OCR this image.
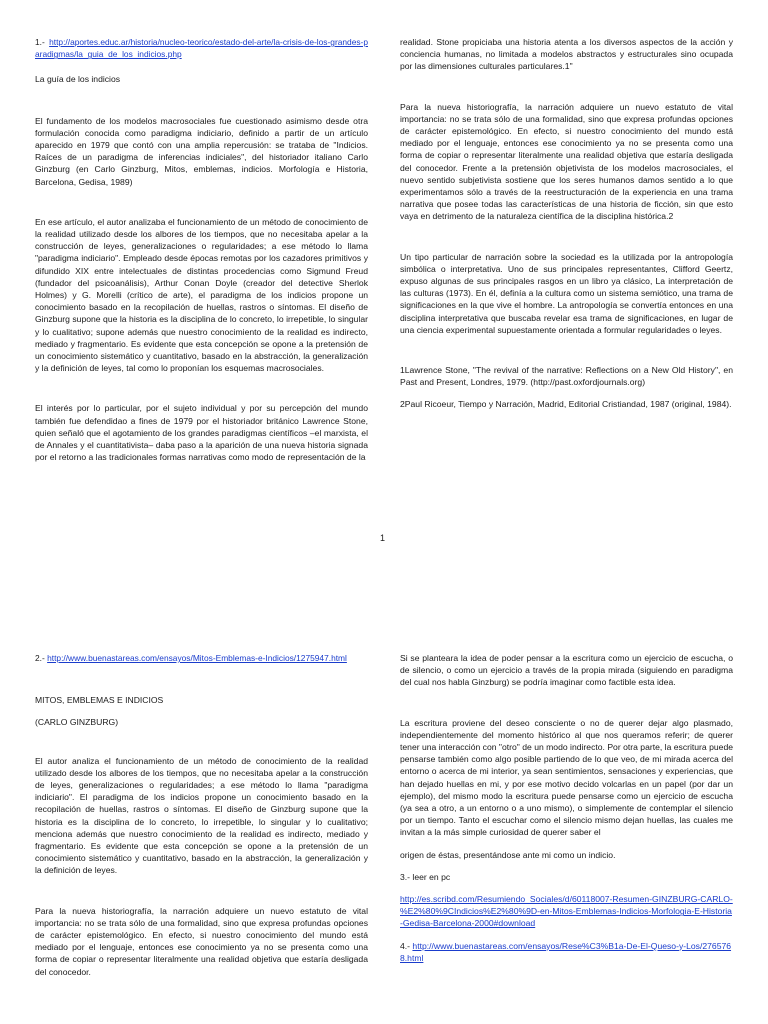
1.- http://aportes.educ.ar/historia/nucleo-teorico/estado-del-arte/la-crisis-de-los-grandes-paradigmas/la_guia_de_los_indicios.php

La guía de los indicios

El fundamento de los modelos macrosociales fue cuestionado asimismo desde otra formulación conocida como paradigma indiciario, definido a partir de un artículo aparecido en 1979 que contó con una amplia repercusión: se trataba de "Indicios. Raíces de un paradigma de inferencias indiciales", del historiador italiano Carlo Ginzburg (en Carlo Ginzburg, Mitos, emblemas, indicios. Morfología e Historia, Barcelona, Gedisa, 1989)

En ese artículo, el autor analizaba el funcionamiento de un método de conocimiento de la realidad utilizado desde los albores de los tiempos, que no necesitaba apelar a la construcción de leyes, generalizaciones o regularidades; a ese método lo llama "paradigma indiciario". Empleado desde épocas remotas por los cazadores primitivos y difundido XIX entre intelectuales de distintas procedencias como Sigmund Freud (fundador del psicoanálisis), Arthur Conan Doyle (creador del detective Sherlok Holmes) y G. Morelli (crítico de arte), el paradigma de los indicios propone un conocimiento basado en la recopilación de huellas, rastros o síntomas. El diseño de Ginzburg supone que la historia es la disciplina de lo concreto, lo irrepetible, lo singular y lo cualitativo; supone además que nuestro conocimiento de la realidad es indirecto, mediado y fragmentario. Es evidente que esta concepción se opone a la pretensión de un conocimiento sistemático y cuantitativo, basado en la abstracción, la generalización y la definición de leyes, tal como lo proponían los esquemas macrosociales.

El interés por lo particular, por el sujeto individual y por su percepción del mundo también fue defendidao a fines de 1979 por el historiador británico Lawrence Stone, quien señaló que el agotamiento de los grandes paradigmas científicos –el marxista, el de Annales y el cuantitativista– daba paso a la aparición de una nueva historia signada por el retorno a las tradicionales formas narrativas como modo de representación de la

realidad. Stone propiciaba una historia atenta a los diversos aspectos de la acción y conciencia humanas, no limitada a modelos abstractos y estructurales sino ocupada por las dimensiones culturales particulares.1"

Para la nueva historiografía, la narración adquiere un nuevo estatuto de vital importancia: no se trata sólo de una formalidad, sino que expresa profundas opciones de carácter epistemológico. En efecto, si nuestro conocimiento del mundo está mediado por el lenguaje, entonces ese conocimiento ya no se presenta como una forma de copiar o representar literalmente una realidad objetiva que estaría desligada del conocedor. Frente a la pretensión objetivista de los modelos macrosociales, el nuevo sentido subjetivista sostiene que los seres humanos damos sentido a lo que experimentamos sólo a través de la reestructuración de la experiencia en una trama narrativa que posee todas las características de una historia de ficción, sin que esto vaya en detrimento de la naturaleza científica de la disciplina histórica.2

Un tipo particular de narración sobre la sociedad es la utilizada por la antropología simbólica o interpretativa. Uno de sus principales representantes, Clifford Geertz, expuso algunas de sus principales rasgos en un libro ya clásico, La interpretación de las culturas (1973). En él, definía a la cultura como un sistema semiótico, una trama de significaciones en la que vive el hombre. La antropología se convertía entonces en una disciplina interpretativa que buscaba revelar esa trama de significaciones, en lugar de una ciencia experimental supuestamente orientada a formular regularidades o leyes.

1Lawrence Stone, "The revival of the narrative: Reflections on a New Old History", en Past and Present, Londres, 1979. (http://past.oxfordjournals.org)

2Paul Ricoeur, Tiempo y Narración, Madrid, Editorial Cristiandad, 1987 (original, 1984).

1

2.- http://www.buenastareas.com/ensayos/Mitos-Emblemas-e-Indicios/1275947.html

MITOS, EMBLEMAS E INDICIOS

(CARLO GINZBURG)

El autor analiza el funcionamiento de un método de conocimiento de la realidad utilizado desde los albores de los tiempos, que no necesitaba apelar a la construcción de leyes, generalizaciones o regularidades; a ese método lo llama "paradigma indiciario". El paradigma de los indicios propone un conocimiento basado en la recopilación de huellas, rastros o síntomas. El diseño de Ginzburg supone que la historia es la disciplina de lo concreto, lo irrepetible, lo singular y lo cualitativo; menciona además que nuestro conocimiento de la realidad es indirecto, mediado y fragmentario. Es evidente que esta concepción se opone a la pretensión de un conocimiento sistemático y cuantitativo, basado en la abstracción, la generalización y la definición de leyes.

Para la nueva historiografía, la narración adquiere un nuevo estatuto de vital importancia: no se trata sólo de una formalidad, sino que expresa profundas opciones de carácter epistemológico. En efecto, si nuestro conocimiento del mundo está mediado por el lenguaje, entonces ese conocimiento ya no se presenta como una forma de copiar o representar literalmente una realidad objetiva que estaría desligada del conocedor.

Si se planteara la idea de poder pensar a la escritura como un ejercicio de escucha, o de silencio, o como un ejercicio a través de la propia mirada (siguiendo en paradigma del cual nos habla Ginzburg) se podría imaginar como factible esta idea.

La escritura proviene del deseo consciente o no de querer dejar algo plasmado, independientemente del momento histórico al que nos queramos referir; de querer tener una interacción con "otro" de un modo indirecto. Por otra parte, la escritura puede pensarse también como algo posible partiendo de lo que veo, de mi mirada acerca del entorno o acerca de mi interior, ya sean sentimientos, sensaciones y experiencias, que han dejado huellas en mi, y por ese motivo decido volcarlas en un papel (por dar un ejemplo), del mismo modo la escritura puede pensarse como un ejercicio de escucha (ya sea a otro, a un entorno o a uno mismo), o simplemente de contemplar el silencio por un tiempo. Tanto el escuchar como el silencio mismo dejan huellas, las cuales me invitan a la más simple curiosidad de querer saber el

origen de éstas, presentándose ante mi como un indicio.

3.- leer en pc

http://es.scribd.com/Resumiendo_Sociales/d/60118007-Resumen-GINZBURG-CARLO-%E2%80%9CIndicios%E2%80%9D-en-Mitos-Emblemas-Indicios-Morfologia-E-Historia-Gedisa-Barcelona-2000#download

4.- http://www.buenastareas.com/ensayos/Rese%C3%B1a-De-El-Queso-y-Los/2765768.html
